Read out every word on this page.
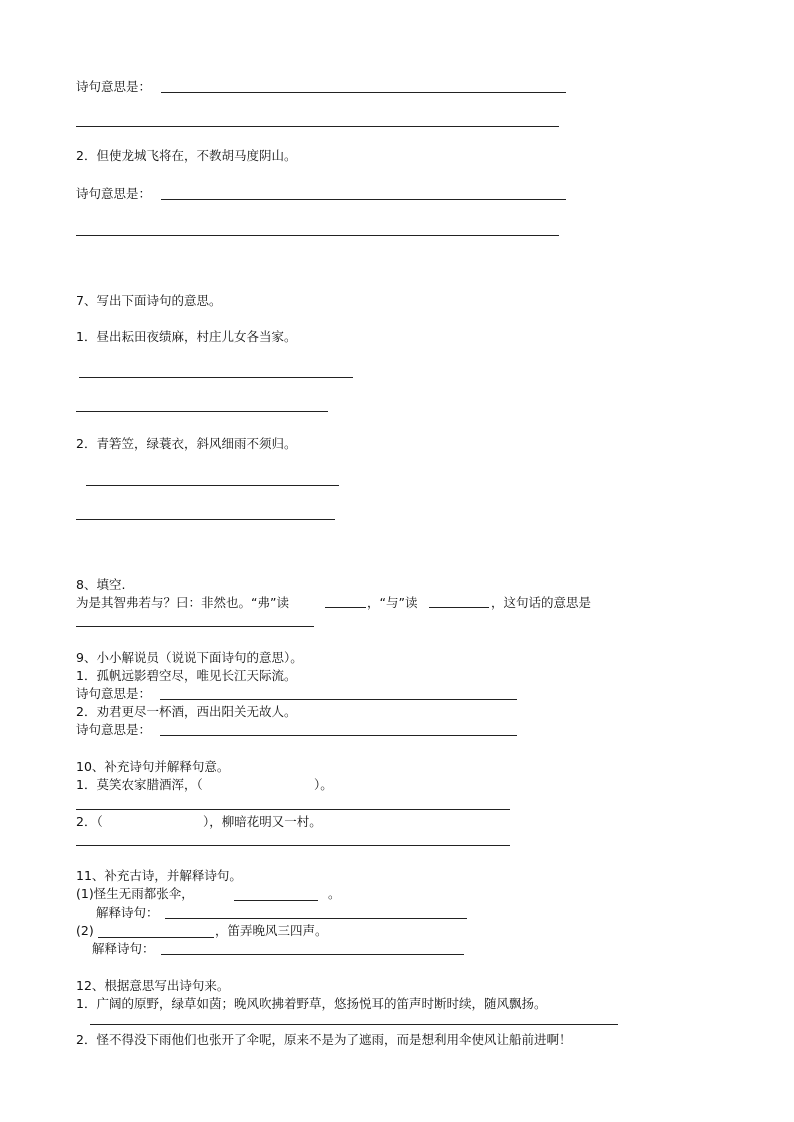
诗句意思是：
2．但使龙城飞将在，不教胡马度阴山。
诗句意思是：
7、写出下面诗句的意思。
1．昼出耘田夜绩麻，村庄儿女各当家。
2．青箬笠，绿蓑衣，斜风细雨不须归。
8、填空.
为是其智弗若与？曰：非然也。“弗”读	，“与”读	，这句话的意思是
9、小小解说员（说说下面诗句的意思）。
1．孤帆远影碧空尽，唯见长江天际流。
诗句意思是：
2．劝君更尽一杯酒，西出阳关无故人。
诗句意思是：
10、补充诗句并解释句意。
1．莫笑农家腊酒浑，（	）。
2．（	），柳暗花明又一村。
11、补充古诗，并解释诗句。
(1)怪生无雨都张伞，	。
解释诗句：
(2)	，笛弄晚风三四声。
解释诗句：
12、根据意思写出诗句来。
1．广阔的原野，绿草如茵；晚风吹拂着野草，悠扬悦耳的笛声时断时续，随风飘扬。
2．怪不得没下雨他们也张开了伞呢，原来不是为了遮雨，而是想利用伞使风让船前进啊！
